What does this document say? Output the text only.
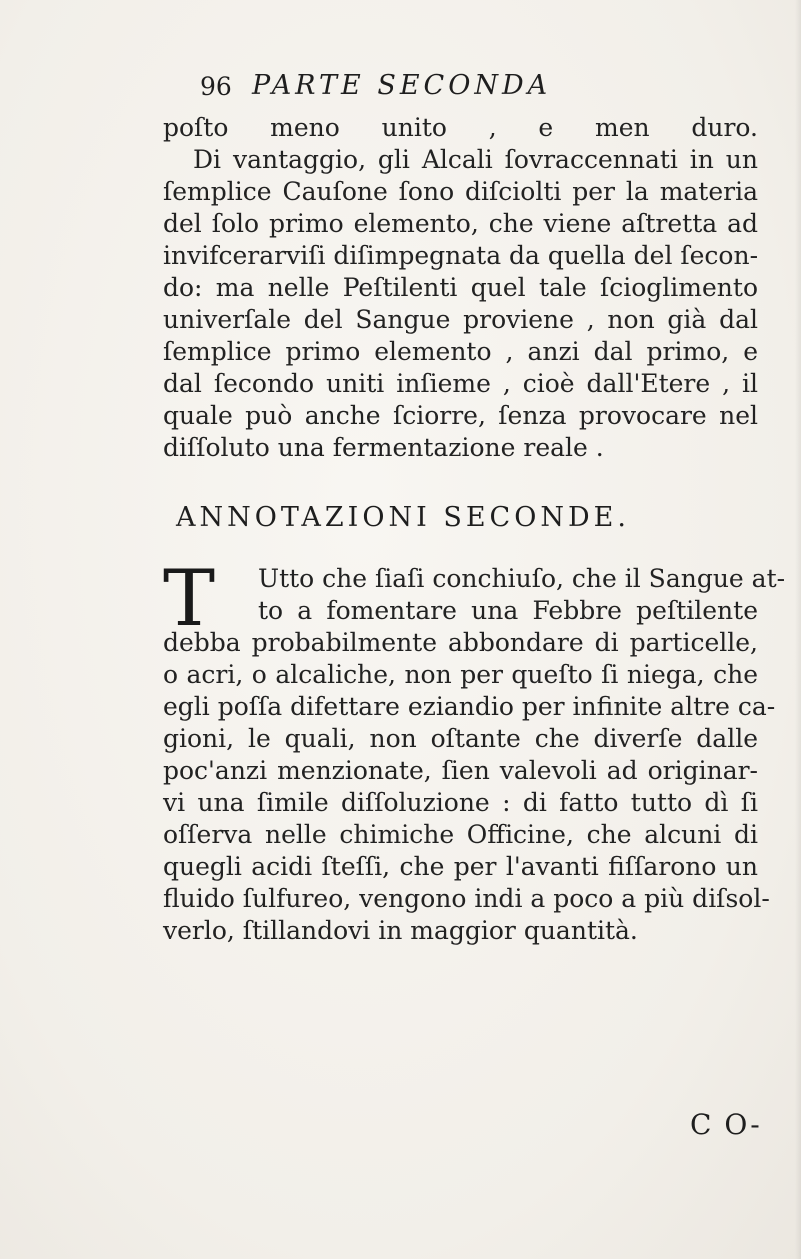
96 PARTE SECONDA
poſto meno unito , e men duro.
Di vantaggio, gli Alcali ſovraccennati in un
ſemplice Cauſone ſono diſciolti per la materia
del ſolo primo elemento, che viene aſtretta ad
invifcerarviſi diſimpegnata da quella del ſecon-
do: ma nelle Peſtilenti quel tale ſcioglimento
univerſale del Sangue proviene , non già dal
ſemplice primo elemento , anzi dal primo, e
dal ſecondo uniti inſieme , cioè dall'Etere , il
quale può anche ſciorre, ſenza provocare nel
diſſoluto una fermentazione reale .
ANNOTAZIONI SECONDE.
T Utto che ſiaſi conchiuſo, che il Sangue at-
to a fomentare una Febbre peſtilente
debba probabilmente abbondare di particelle,
o acri, o alcaliche, non per queſto ſi niega, che
egli poſſa difettare eziandio per infinite altre ca-
gioni, le quali, non oſtante che diverſe dalle
poc'anzi menzionate, ſien valevoli ad originar-
vi una ſimile diſſoluzione : di fatto tutto dì ſi
oſſerva nelle chimiche Officine, che alcuni di
quegli acidi ſteſſi, che per l'avanti fiſſarono un
fluido ſulfureo, vengono indi a poco a più diſsol-
verlo, ſtillandovi in maggior quantità.
C O-
